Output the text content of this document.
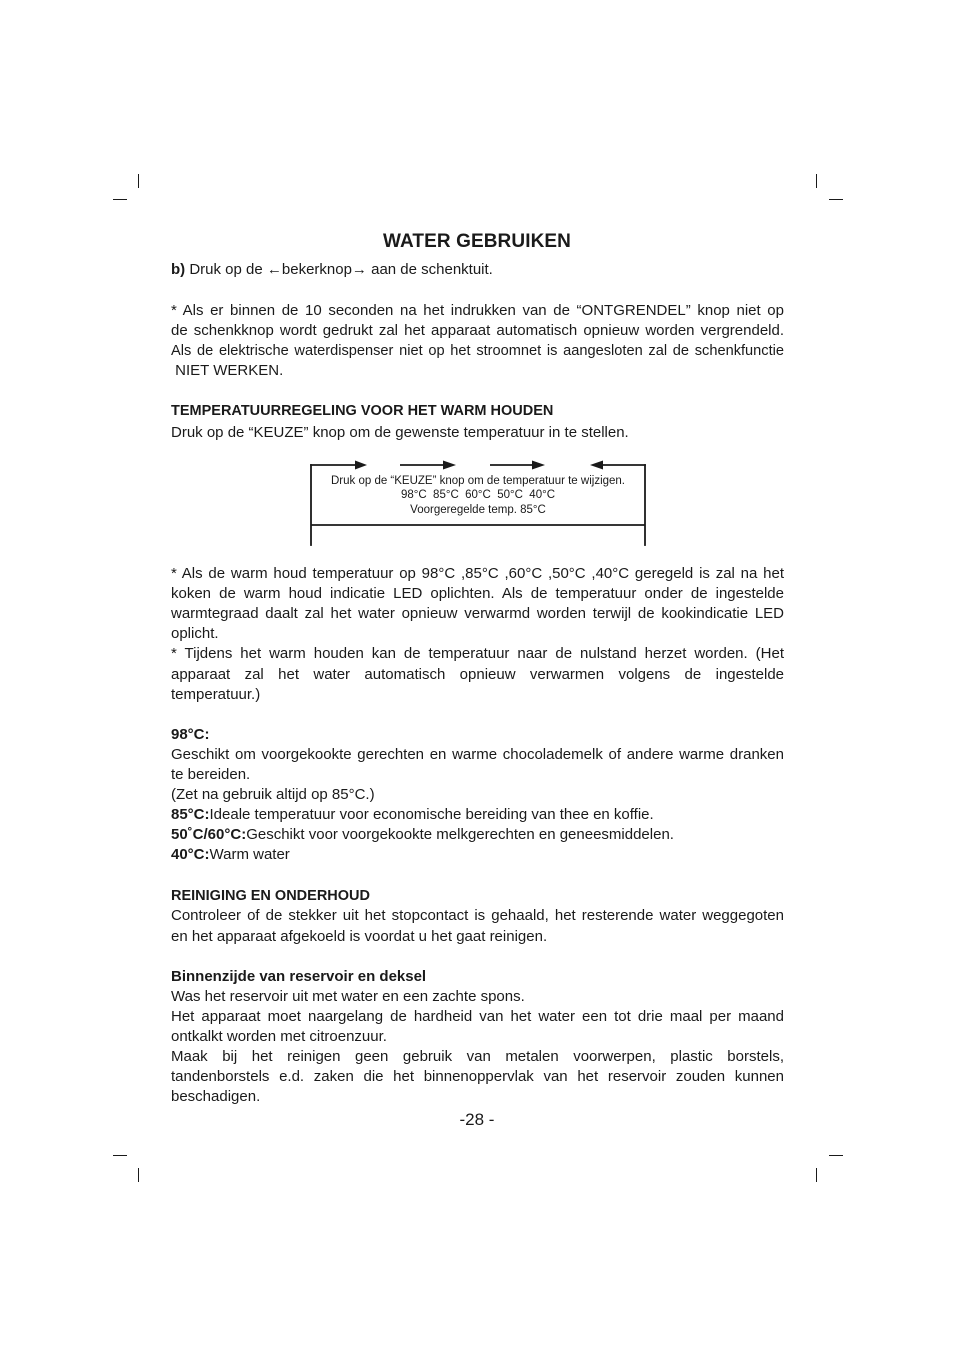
WATER GEBRUIKEN
b) Druk op de ←bekerknop→ aan de schenktuit.
* Als er binnen de 10 seconden na het indrukken van de “ONTGRENDEL” knop niet op
de schenkknop wordt gedrukt zal het apparaat automatisch opnieuw worden vergrendeld.
Als de elektrische waterdispenser niet op het stroomnet is aangesloten zal de schenkfunctie
NIET WERKEN.
TEMPERATUURREGELING VOOR HET WARM HOUDEN
Druk op de “KEUZE” knop om de gewenste temperatuur in te stellen.
Druk op de “KEUZE” knop om de temperatuur te wijzigen.
98°C  85°C  60°C  50°C  40°C
Voorgeregelde temp. 85°C
* Als de warm houd temperatuur op 98°C ,85°C ,60°C ,50°C ,40°C geregeld is zal na het
koken de warm houd indicatie LED oplichten. Als de temperatuur onder de ingestelde
warmtegraad daalt zal het water opnieuw verwarmd worden terwijl de kookindicatie LED
oplicht.
* Tijdens het warm houden kan de temperatuur naar de nulstand herzet worden. (Het
apparaat zal het water automatisch opnieuw verwarmen volgens de ingestelde
temperatuur.)
98°C:
Geschikt om voorgekookte gerechten en warme chocolademelk of andere warme dranken
te bereiden.
(Zet na gebruik altijd op 85°C.)
85°C:Ideale temperatuur voor economische bereiding van thee en koffie.
50˚C/60°C:Geschikt voor voorgekookte melkgerechten en geneesmiddelen.
40°C:Warm water
REINIGING EN ONDERHOUD
Controleer of de stekker uit het stopcontact is gehaald, het resterende water weggegoten
en het apparaat afgekoeld is voordat u het gaat reinigen.
Binnenzijde van reservoir en deksel
Was het reservoir uit met water en een zachte spons.
Het apparaat moet naargelang de hardheid van het water een tot drie maal per maand
ontkalkt worden met citroenzuur.
Maak bij het reinigen geen gebruik van metalen voorwerpen, plastic borstels,
tandenborstels e.d. zaken die het binnenoppervlak van het reservoir zouden kunnen
beschadigen.
-28 -
